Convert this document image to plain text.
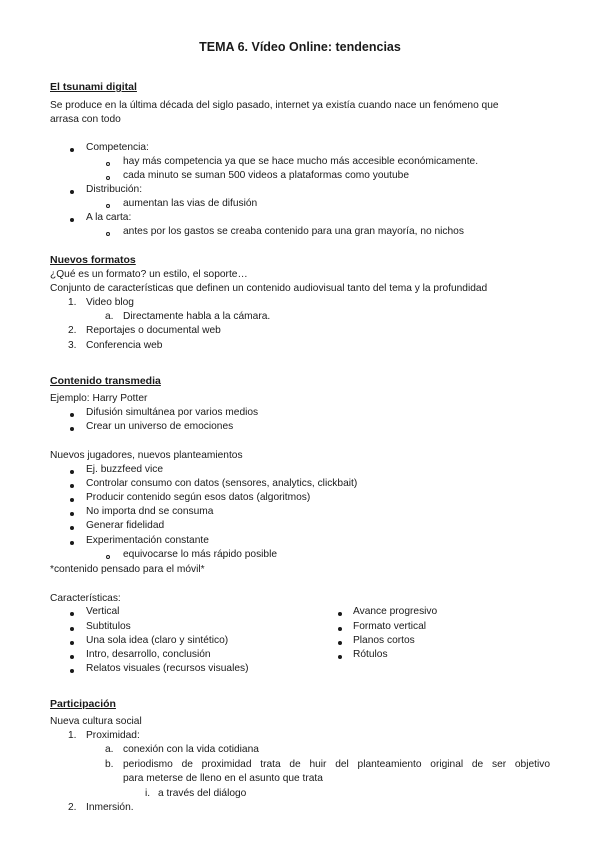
TEMA 6. Vídeo Online: tendencias
El tsunami digital
Se produce en la última década del siglo pasado, internet ya existía cuando nace un fenómeno que
arrasa con todo
Competencia:
hay más competencia ya que se hace mucho más accesible económicamente.
cada minuto se suman 500 videos a plataformas como youtube
Distribución:
aumentan las vias de difusión
A la carta:
antes por los gastos se creaba contenido para una gran mayoría, no nichos
Nuevos formatos
¿Qué es un formato? un estilo, el soporte…
Conjunto de características que definen un contenido audiovisual tanto del tema y la profundidad
1. Video blog
a. Directamente habla a la cámara.
2. Reportajes o documental web
3. Conferencia web
Contenido transmedia
Ejemplo: Harry Potter
Difusión simultánea por varios medios
Crear un universo de emociones
Nuevos jugadores, nuevos planteamientos
Ej. buzzfeed vice
Controlar consumo con datos (sensores, analytics, clickbait)
Producir contenido según esos datos (algoritmos)
No importa dnd se consuma
Generar fidelidad
Experimentación constante
equivocarse lo más rápido posible
*contenido pensado para el móvil*
Características:
Vertical
Subtitulos
Una sola idea (claro y sintético)
Intro, desarrollo, conclusión
Relatos visuales (recursos visuales)
Avance progresivo
Formato vertical
Planos cortos
Rótulos
Participación
Nueva cultura social
1. Proximidad:
a. conexión con la vida cotidiana
b. periodismo de proximidad trata de huir del planteamiento original de ser objetivo
para meterse de lleno en el asunto que trata
i. a través del diálogo
2. Inmersión.
